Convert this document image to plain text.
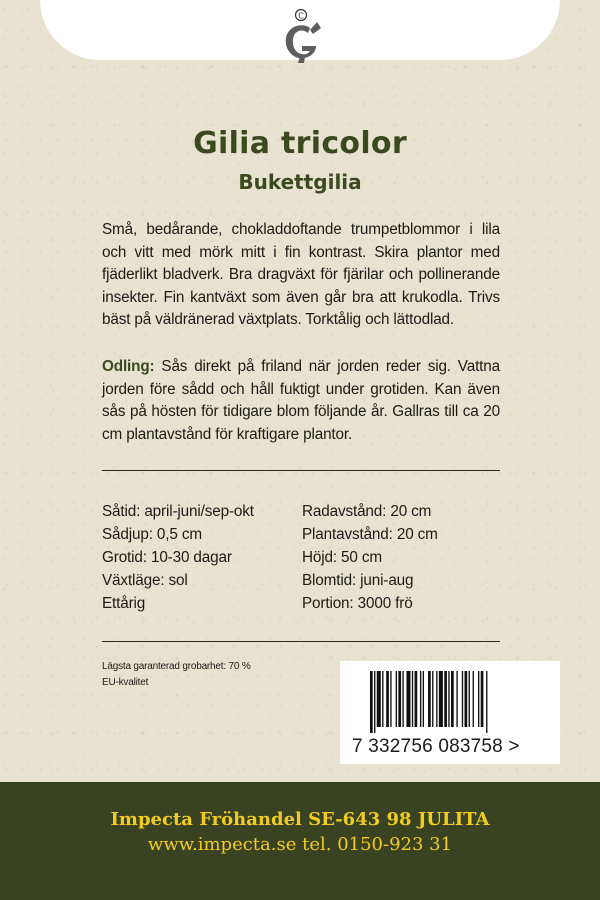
C
Gilia tricolor
Bukettgilia
Små, bedårande, chokladdoftande trumpetblommor i lila och vitt med mörk mitt i fin kontrast. Skira plantor med fjäderlikt bladverk. Bra dragväxt för fjärilar och pollinerande insekter. Fin kantväxt som även går bra att krukodla. Trivs bäst på väldränerad växtplats. Torktålig och lättodlad.
Odling: Sås direkt på friland när jorden reder sig. Vattna jorden före sådd och håll fuktigt under grotiden. Kan även sås på hösten för tidigare blom följande år. Gallras till ca 20 cm plantavstånd för kraftigare plantor.
Såtid: april-juni/sep-okt	Radavstånd: 20 cm
Sådjup: 0,5 cm	Plantavstånd: 20 cm
Grotid: 10-30 dagar	Höjd: 50 cm
Växtläge: sol	Blomtid: juni-aug
Ettårig	Portion: 3000 frö
Lägsta garanterad grobarhet: 70 %
EU-kvalitet
7 332756 083758 >
Impecta Fröhandel SE-643 98 JULITA
www.impecta.se tel. 0150-923 31
